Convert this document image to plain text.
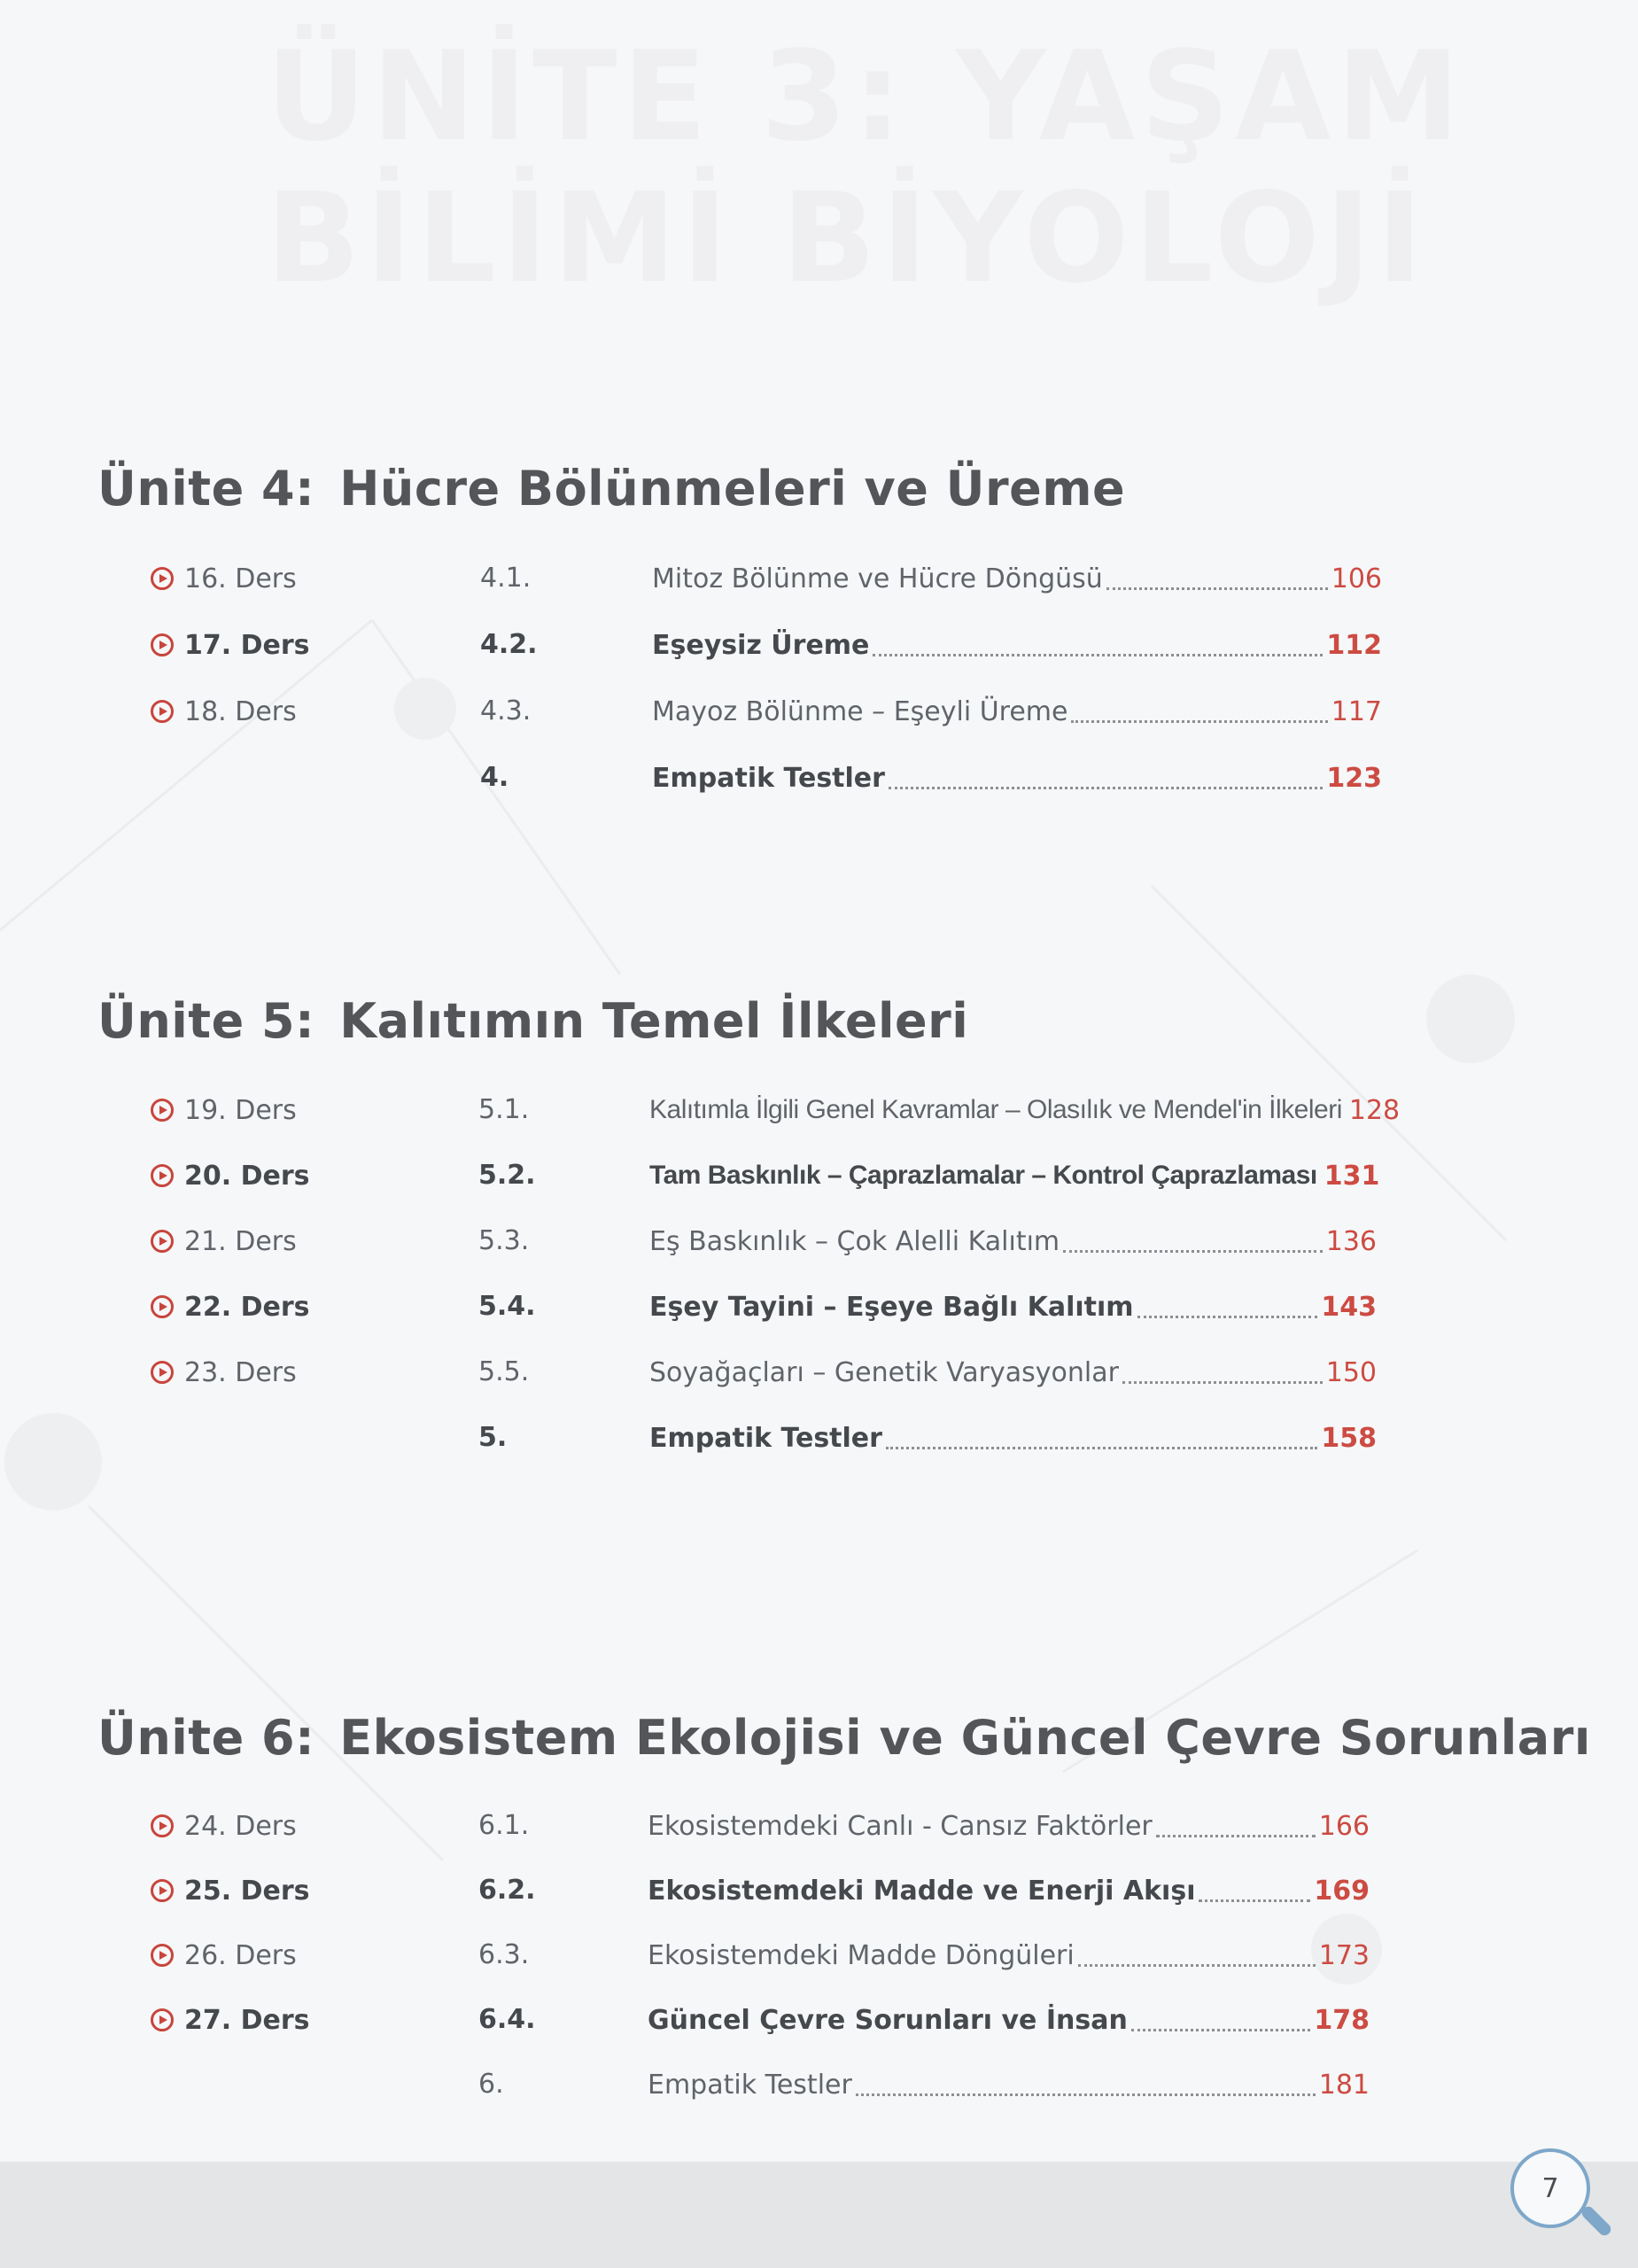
ÜNİTE 3: YAŞAM
BİLİMİ BİYOLOJİ
Ünite 4: Hücre Bölünmeleri ve Üreme
16. Ders	4.1.	Mitoz Bölünme ve Hücre Döngüsü	106
17. Ders	4.2.	Eşeysiz Üreme	112
18. Ders	4.3.	Mayoz Bölünme – Eşeyli Üreme	117
4.	Empatik Testler	123
Ünite 5: Kalıtımın Temel İlkeleri
19. Ders	5.1.	Kalıtımla İlgili Genel Kavramlar – Olasılık ve Mendel'in İlkeleri 128
20. Ders	5.2.	Tam Baskınlık – Çaprazlamalar – Kontrol Çaprazlaması 131
21. Ders	5.3.	Eş Baskınlık – Çok Alelli Kalıtım	136
22. Ders	5.4.	Eşey Tayini – Eşeye Bağlı Kalıtım	143
23. Ders	5.5.	Soyağaçları – Genetik Varyasyonlar	150
5.	Empatik Testler	158
Ünite 6: Ekosistem Ekolojisi ve Güncel Çevre Sorunları
24. Ders	6.1.	Ekosistemdeki Canlı - Cansız Faktörler	166
25. Ders	6.2.	Ekosistemdeki Madde ve Enerji Akışı	169
26. Ders	6.3.	Ekosistemdeki Madde Döngüleri	173
27. Ders	6.4.	Güncel Çevre Sorunları ve İnsan	178
6.	Empatik Testler	181
7
